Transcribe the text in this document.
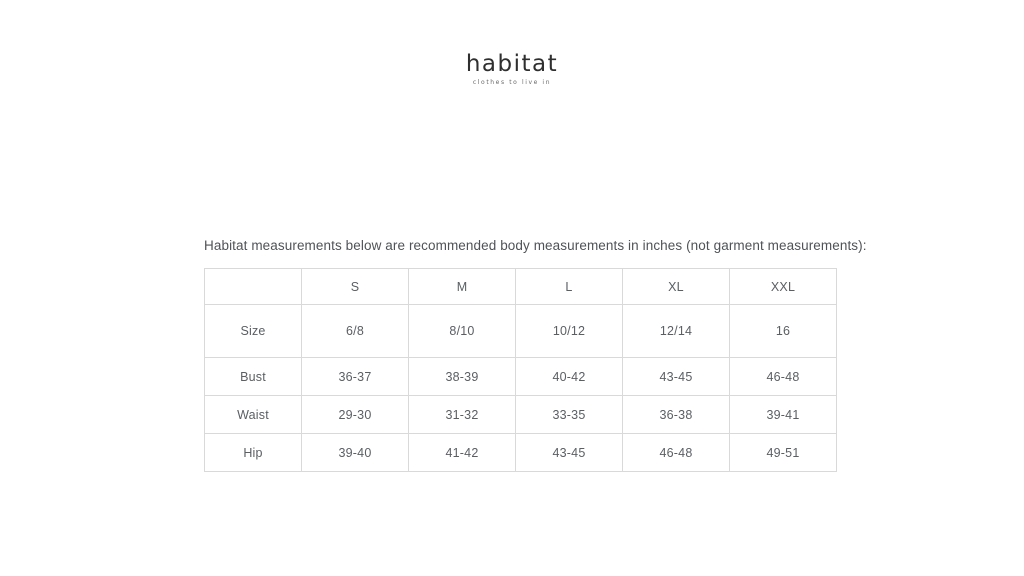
habitat
clothes to live in
Habitat measurements below are recommended body measurements in inches (not garment measurements):
	S	M	L	XL	XXL
Size	6/8	8/10	10/12	12/14	16
Bust	36-37	38-39	40-42	43-45	46-48
Waist	29-30	31-32	33-35	36-38	39-41
Hip	39-40	41-42	43-45	46-48	49-51
